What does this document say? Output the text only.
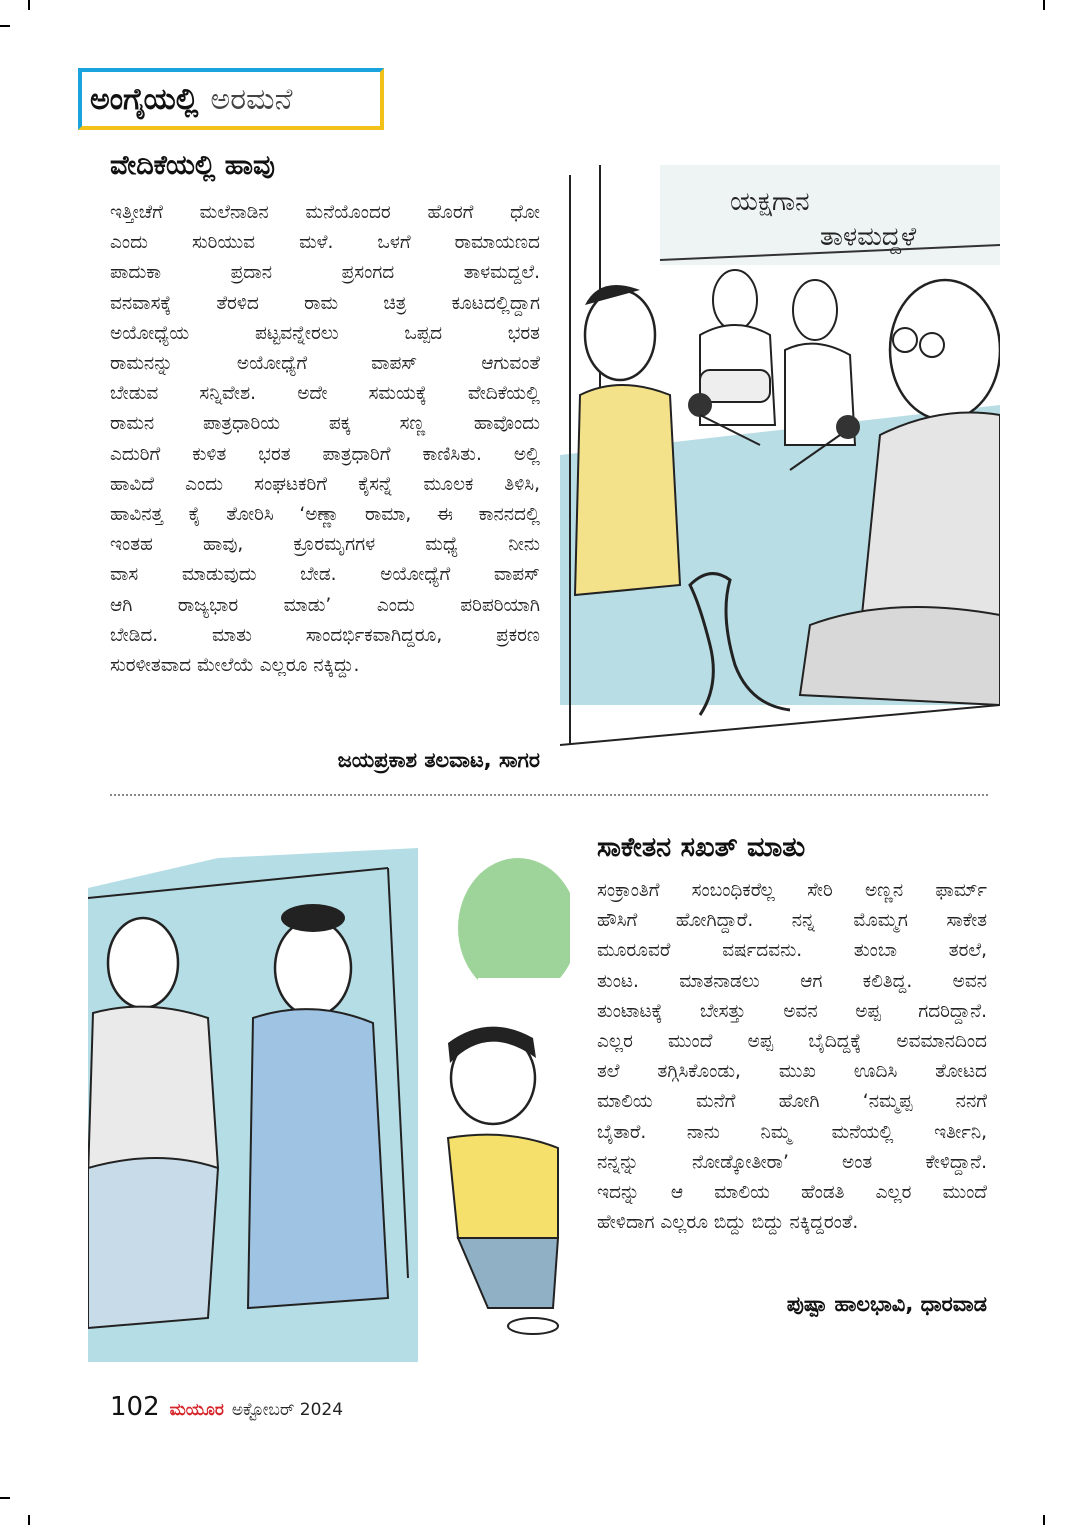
ಅಂಗೈಯಲ್ಲಿ ಅರಮನೆ
ವೇದಿಕೆಯಲ್ಲಿ ಹಾವು
ಇತ್ತೀಚೆಗೆ ಮಲೆನಾಡಿನ ಮನೆಯೊಂದರ ಹೊರಗೆ ಧೋ
ಎಂದು ಸುರಿಯುವ ಮಳೆ. ಒಳಗೆ ರಾಮಾಯಣದ
ಪಾದುಕಾ ಪ್ರದಾನ ಪ್ರಸಂಗದ ತಾಳಮದ್ದಲೆ.
ವನವಾಸಕ್ಕೆ ತೆರಳಿದ ರಾಮ ಚಿತ್ರ ಕೂಟದಲ್ಲಿದ್ದಾಗ
ಅಯೋಧ್ಯೆಯ ಪಟ್ಟವನ್ನೇರಲು ಒಪ್ಪದ ಭರತ
ರಾಮನನ್ನು ಅಯೋಧ್ಯೆಗೆ ವಾಪಸ್ ಆಗುವಂತೆ
ಬೇಡುವ ಸನ್ನಿವೇಶ. ಅದೇ ಸಮಯಕ್ಕೆ ವೇದಿಕೆಯಲ್ಲಿ
ರಾಮನ ಪಾತ್ರಧಾರಿಯ ಪಕ್ಕ ಸಣ್ಣ ಹಾವೊಂದು
ಎದುರಿಗೆ ಕುಳಿತ ಭರತ ಪಾತ್ರಧಾರಿಗೆ ಕಾಣಿಸಿತು. ಅಲ್ಲಿ
ಹಾವಿದೆ ಎಂದು ಸಂಘಟಕರಿಗೆ ಕೈಸನ್ನೆ ಮೂಲಕ ತಿಳಿಸಿ,
ಹಾವಿನತ್ತ ಕೈ ತೋರಿಸಿ ‘ಅಣ್ಣಾ ರಾಮಾ, ಈ ಕಾನನದಲ್ಲಿ
ಇಂತಹ ಹಾವು, ಕ್ರೂರಮೃಗಗಳ ಮಧ್ಯೆ ನೀನು
ವಾಸ ಮಾಡುವುದು ಬೇಡ. ಅಯೋಧ್ಯೆಗೆ ವಾಪಸ್
ಆಗಿ ರಾಜ್ಯಭಾರ ಮಾಡು’ ಎಂದು ಪರಿಪರಿಯಾಗಿ
ಬೇಡಿದ. ಮಾತು ಸಾಂದರ್ಭಿಕವಾಗಿದ್ದರೂ, ಪ್ರಕರಣ
ಸುರಳೀತವಾದ ಮೇಲೆಯೆ ಎಲ್ಲರೂ ನಕ್ಕಿದ್ದು.
ಜಯಪ್ರಕಾಶ ತಲವಾಟ, ಸಾಗರ
ಯಕ್ಷಗಾನ
ತಾಳಮದ್ದಳೆ
ಸಾಕೇತನ ಸಖತ್ ಮಾತು
ಸಂಕ್ರಾಂತಿಗೆ ಸಂಬಂಧಿಕರೆಲ್ಲ ಸೇರಿ ಅಣ್ಣನ ಫಾರ್ಮ್
ಹೌಸಿಗೆ ಹೋಗಿದ್ದಾರೆ. ನನ್ನ ಮೊಮ್ಮಗ ಸಾಕೇತ
ಮೂರೂವರೆ ವರ್ಷದವನು. ತುಂಬಾ ತರಲೆ,
ತುಂಟ. ಮಾತನಾಡಲು ಆಗ ಕಲಿತಿದ್ದ. ಅವನ
ತುಂಟಾಟಕ್ಕೆ ಬೇಸತ್ತು ಅವನ ಅಪ್ಪ ಗದರಿದ್ದಾನೆ.
ಎಲ್ಲರ ಮುಂದೆ ಅಪ್ಪ ಬೈದಿದ್ದಕ್ಕೆ ಅವಮಾನದಿಂದ
ತಲೆ ತಗ್ಗಿಸಿಕೊಂಡು, ಮುಖ ಊದಿಸಿ ತೋಟದ
ಮಾಲಿಯ ಮನೆಗೆ ಹೋಗಿ ‘ನಮ್ಮಪ್ಪ ನನಗೆ
ಬೈತಾರೆ. ನಾನು ನಿಮ್ಮ ಮನೆಯಲ್ಲಿ ಇರ್ತೀನಿ,
ನನ್ನನ್ನು ನೋಡ್ಕೋತೀರಾ’ ಅಂತ ಕೇಳಿದ್ದಾನೆ.
ಇದನ್ನು ಆ ಮಾಲಿಯ ಹೆಂಡತಿ ಎಲ್ಲರ ಮುಂದೆ
ಹೇಳಿದಾಗ ಎಲ್ಲರೂ ಬಿದ್ದು ಬಿದ್ದು ನಕ್ಕಿದ್ದರಂತೆ.
ಪುಷ್ಪಾ ಹಾಲಭಾವಿ, ಧಾರವಾಡ
102 ಮಯೂರ ಅಕ್ಟೋಬರ್ 2024
